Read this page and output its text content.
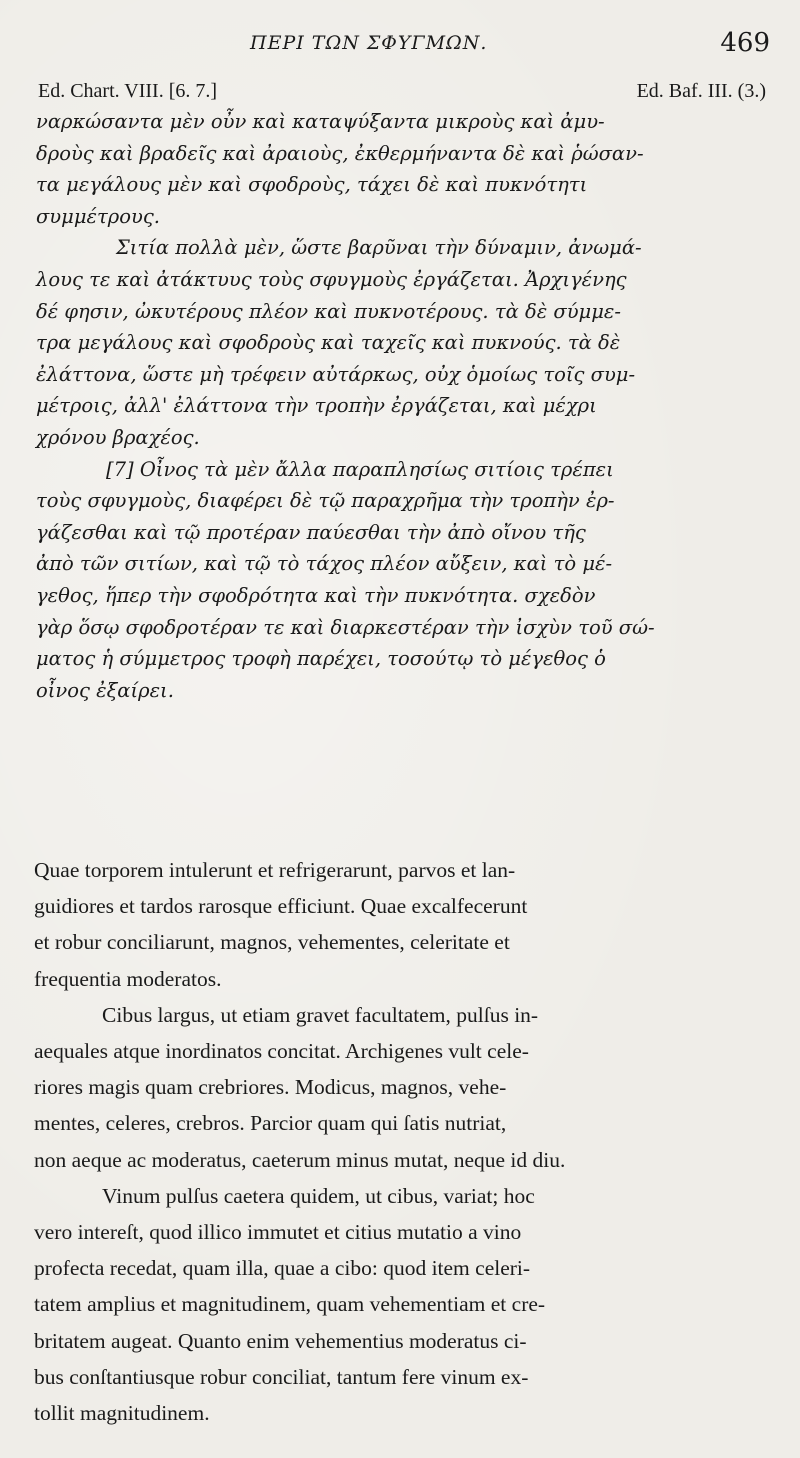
ΠΕΡΙ ΤΩΝ ΣΦΥΓΜΩΝ.	469
Ed. Chart. VIII. [6. 7.]	Ed. Baf. III. (3.)

ναρκώσαντα μὲν οὖν καὶ καταψύξαντα μικροὺς καὶ ἀμυ-
δροὺς καὶ βραδεῖς καὶ ἀραιοὺς, ἐκθερμήναντα δὲ καὶ ῥώσαν-
τα μεγάλους μὲν καὶ σφοδροὺς, τάχει δὲ καὶ πυκνότητι
συμμέτρους.

Σιτία πολλὰ μὲν, ὥστε βαρῦναι τὴν δύναμιν, ἀνωμά-
λους τε καὶ ἀτάκτυυς τοὺς σφυγμοὺς ἐργάζεται. Ἀρχιγένης
δέ φησιν, ὠκυτέρους πλέον καὶ πυκνοτέρους. τὰ δὲ σύμμε-
τρα μεγάλους καὶ σφοδροὺς καὶ ταχεῖς καὶ πυκνούς. τὰ δὲ
ἐλάττονα, ὥστε μὴ τρέφειν αὐτάρκως, οὐχ ὁμοίως τοῖς συμ-
μέτροις, ἀλλ' ἐλάττονα τὴν τροπὴν ἐργάζεται, καὶ μέχρι
χρόνου βραχέος.

[7] Οἶνος τὰ μὲν ἄλλα παραπλησίως σιτίοις τρέπει
τοὺς σφυγμοὺς, διαφέρει δὲ τῷ παραχρῆμα τὴν τροπὴν ἐρ-
γάζεσθαι καὶ τῷ προτέραν παύεσθαι τὴν ἀπὸ οἴνου τῆς
ἀπὸ τῶν σιτίων, καὶ τῷ τὸ τάχος πλέον αὔξειν, καὶ τὸ μέ-
γεθος, ἥπερ τὴν σφοδρότητα καὶ τὴν πυκνότητα. σχεδὸν
γὰρ ὅσῳ σφοδροτέραν τε καὶ διαρκεστέραν τὴν ἰσχὺν τοῦ σώ-
ματος ἡ σύμμετρος τροφὴ παρέχει, τοσούτῳ τὸ μέγεθος ὁ
οἶνος ἐξαίρει.

Quae torporem intulerunt et refrigerarunt, parvos et lan-
guidiores et tardos rarosque efficiunt. Quae excalfecerunt
et robur conciliarunt, magnos, vehementes, celeritate et
frequentia moderatos.

Cibus largus, ut etiam gravet facultatem, pulſus in-
aequales atque inordinatos concitat. Archigenes vult cele-
riores magis quam crebriores. Modicus, magnos, vehe-
mentes, celeres, crebros. Parcior quam qui ſatis nutriat,
non aeque ac moderatus, caeterum minus mutat, neque id diu.

Vinum pulſus caetera quidem, ut cibus, variat; hoc
vero intereſt, quod illico immutet et citius mutatio a vino
profecta recedat, quam illa, quae a cibo: quod item celeri-
tatem amplius et magnitudinem, quam vehementiam et cre-
britatem augeat. Quanto enim vehementius moderatus ci-
bus conſtantiusque robur conciliat, tantum fere vinum ex-
tollit magnitudinem.
